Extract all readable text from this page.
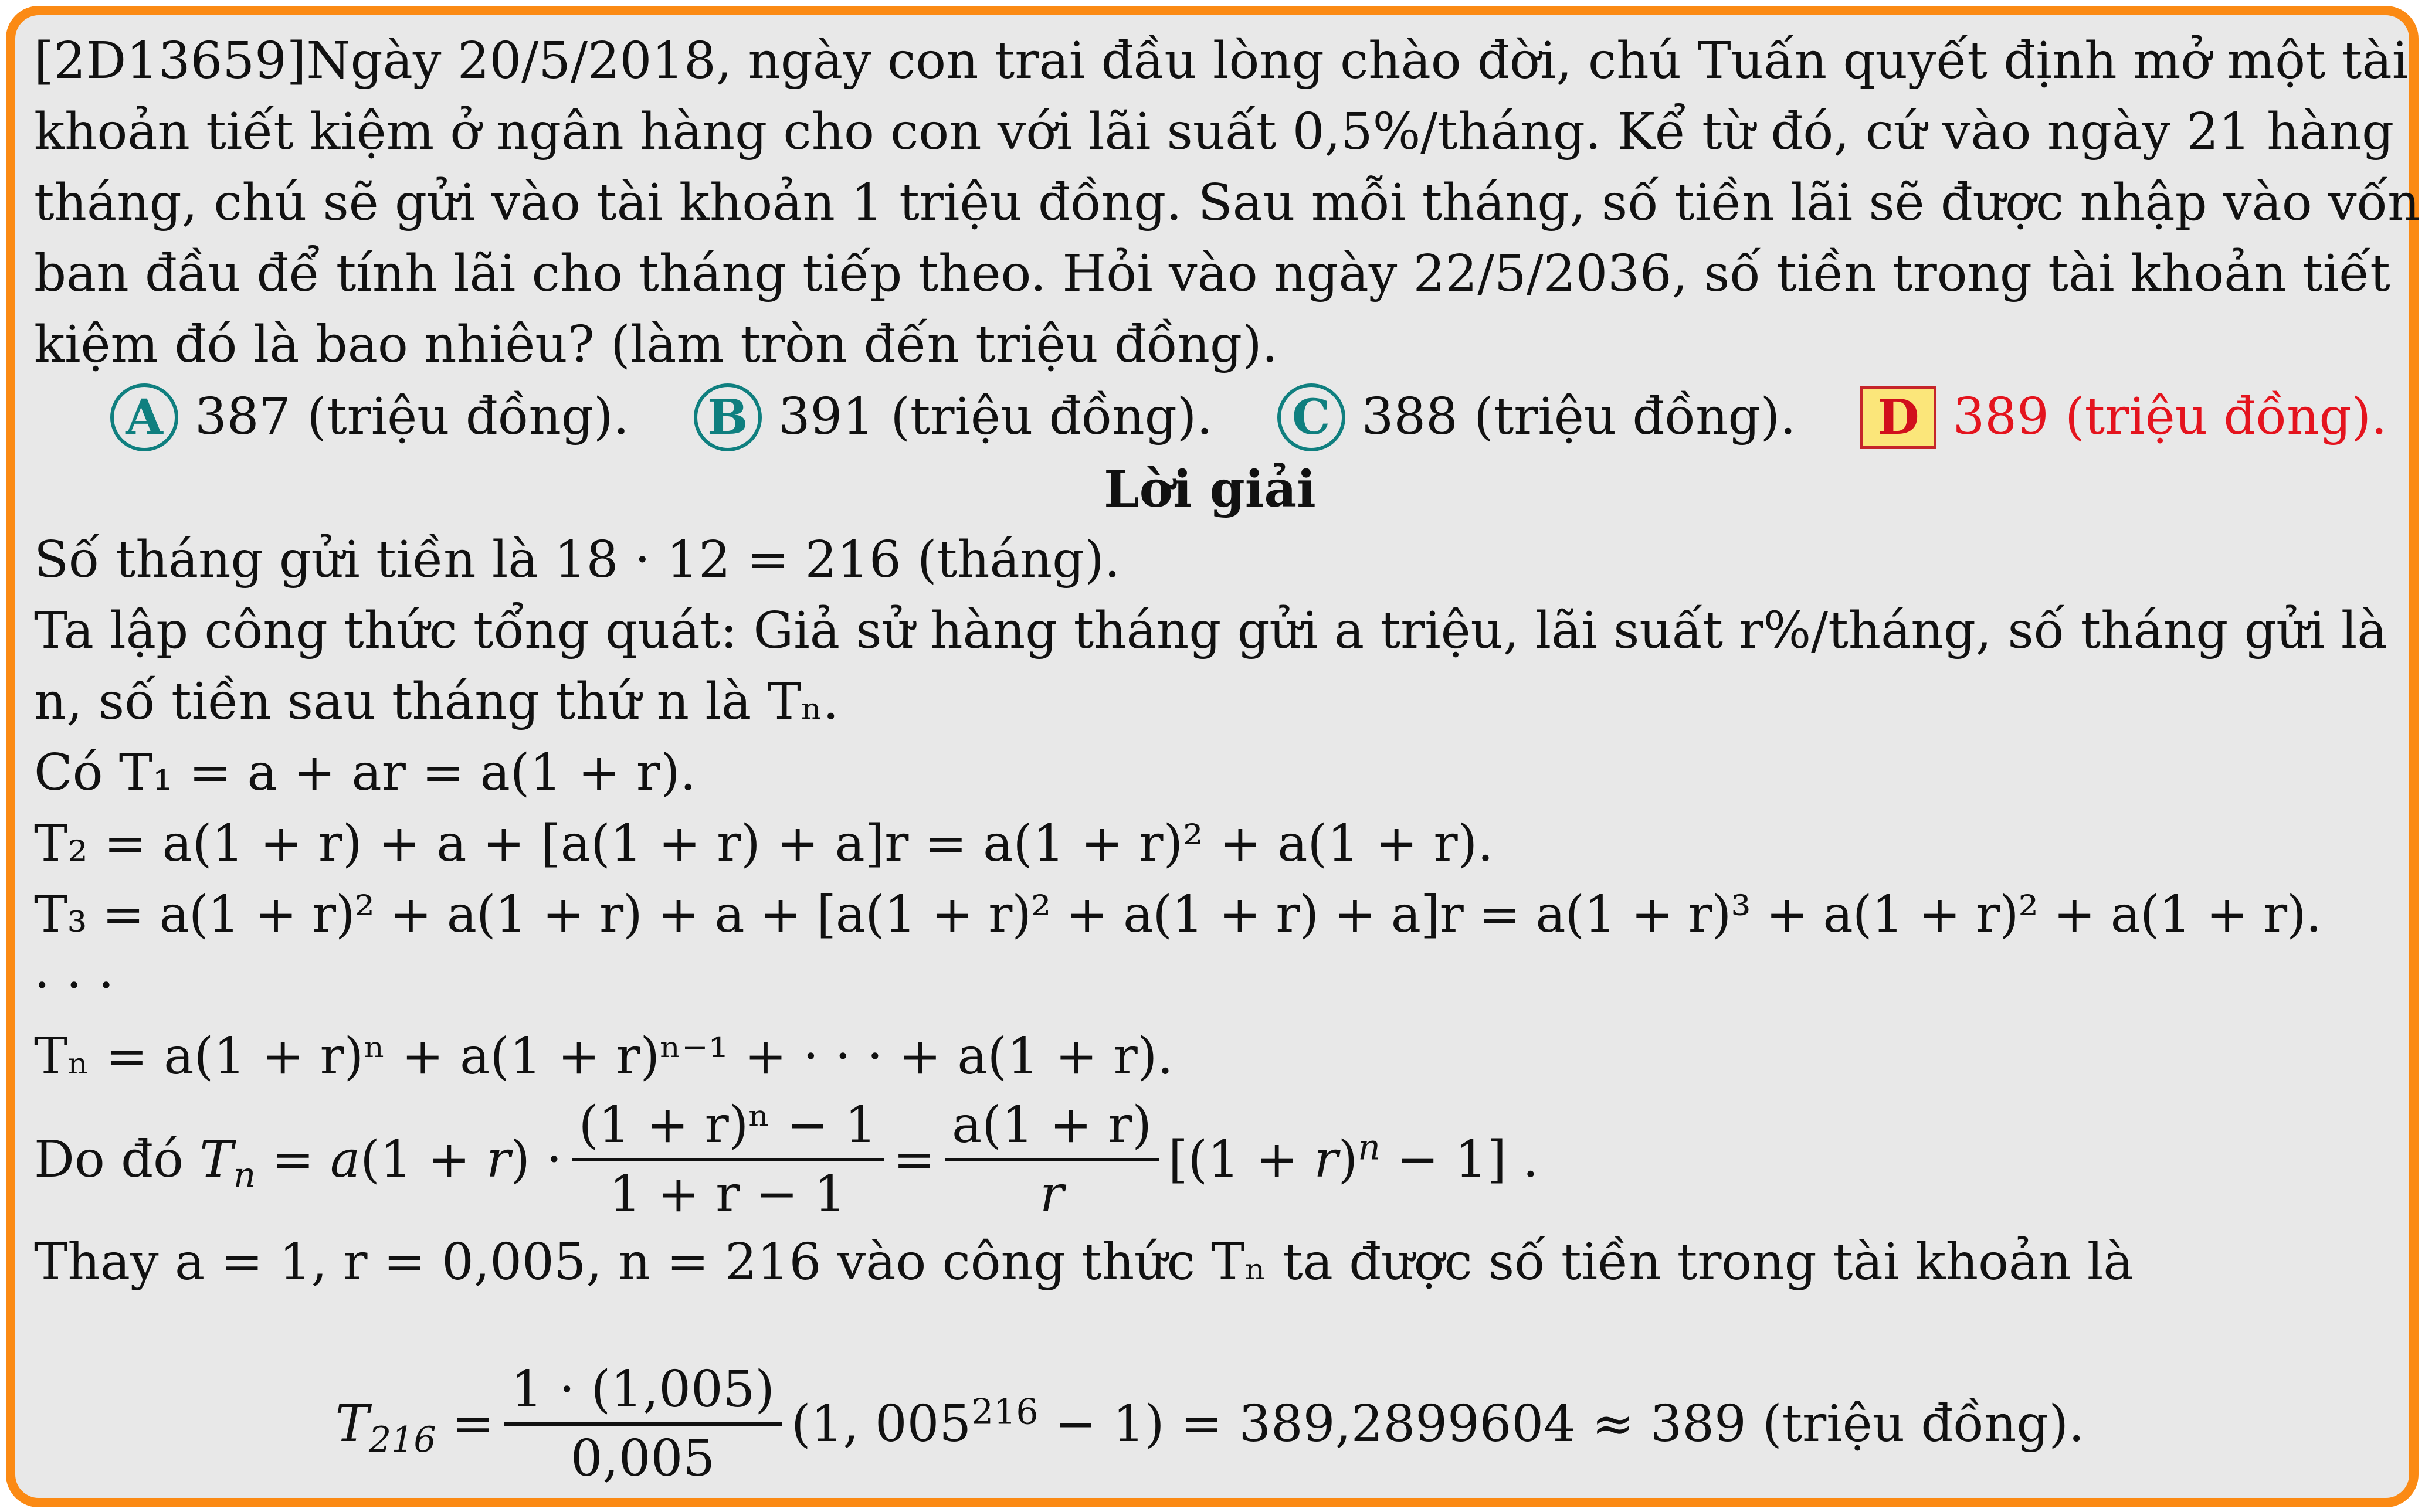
[2D13659]Ngày 20/5/2018, ngày con trai đầu lòng chào đời, chú Tuấn quyết định mở một tài
khoản tiết kiệm ở ngân hàng cho con với lãi suất 0,5%/tháng. Kể từ đó, cứ vào ngày 21 hàng
tháng, chú sẽ gửi vào tài khoản 1 triệu đồng. Sau mỗi tháng, số tiền lãi sẽ được nhập vào vốn
ban đầu để tính lãi cho tháng tiếp theo. Hỏi vào ngày 22/5/2036, số tiền trong tài khoản tiết
kiệm đó là bao nhiêu? (làm tròn đến triệu đồng).
A 387 (triệu đồng). B 391 (triệu đồng).	C 388 (triệu đồng).	D 389 (triệu đồng).
Lời giải
Số tháng gửi tiền là 18 · 12 = 216 (tháng).
Ta lập công thức tổng quát: Giả sử hàng tháng gửi a triệu, lãi suất r%/tháng, số tháng gửi là
n, số tiền sau tháng thứ n là Tₙ.
Có T₁ = a + ar = a(1 + r).
T₂ = a(1 + r) + a + [a(1 + r) + a]r = a(1 + r)² + a(1 + r).
T₃ = a(1 + r)² + a(1 + r) + a + [a(1 + r)² + a(1 + r) + a]r = a(1 + r)³ + a(1 + r)² + a(1 + r).
· · ·
Tₙ = a(1 + r)ⁿ + a(1 + r)ⁿ⁻¹ + · · · + a(1 + r).
Do đó $T_n = a(1 + r) \cdot \frac{\text{(1 + r)ⁿ − 1}}{1 + r - 1} = \frac{a(1 + r)}{r} [(1 + r)^n - 1]$ .
Thay a = 1, r = 0,005, n = 216 vào công thức Tₙ ta được số tiền trong tài khoản là
$T_{216} = \frac{1 \cdot (1,005)}{0,005} (1$, $005^{216} - 1) = 389,2899604 \approx 389$ (triệu đồng).
